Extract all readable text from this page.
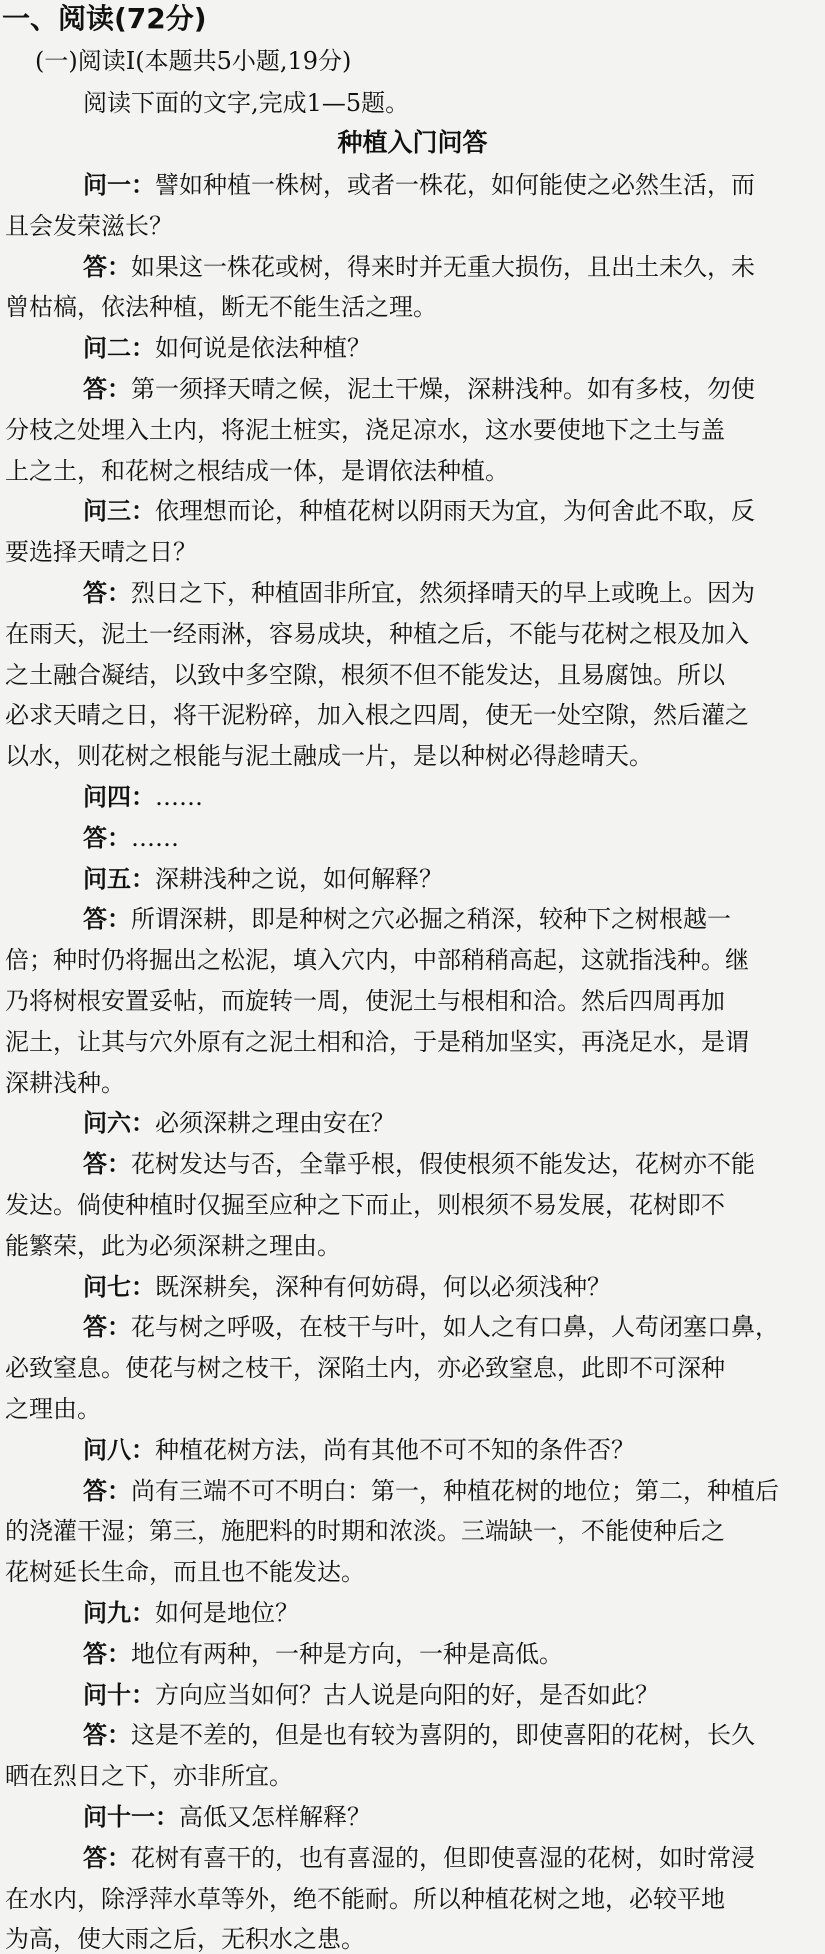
一、阅读(72分)
(一)阅读Ⅰ(本题共5小题,19分)
阅读下面的文字,完成1—5题。
种植入门问答
问一：譬如种植一株树，或者一株花，如何能使之必然生活，而
且会发荣滋长？
答：如果这一株花或树，得来时并无重大损伤，且出土未久，未
曾枯槁，依法种植，断无不能生活之理。
问二：如何说是依法种植？
答：第一须择天晴之候，泥土干燥，深耕浅种。如有多枝，勿使
分枝之处埋入土内，将泥土桩实，浇足凉水，这水要使地下之土与盖
上之土，和花树之根结成一体，是谓依法种植。
问三：依理想而论，种植花树以阴雨天为宜，为何舍此不取，反
要选择天晴之日？
答：烈日之下，种植固非所宜，然须择晴天的早上或晚上。因为
在雨天，泥土一经雨淋，容易成块，种植之后，不能与花树之根及加入
之土融合凝结，以致中多空隙，根须不但不能发达，且易腐蚀。所以
必求天晴之日，将干泥粉碎，加入根之四周，使无一处空隙，然后灌之
以水，则花树之根能与泥土融成一片，是以种树必得趁晴天。
问四：……
答：……
问五：深耕浅种之说，如何解释？
答：所谓深耕，即是种树之穴必掘之稍深，较种下之树根越一
倍；种时仍将掘出之松泥，填入穴内，中部稍稍高起，这就指浅种。继
乃将树根安置妥帖，而旋转一周，使泥土与根相和洽。然后四周再加
泥土，让其与穴外原有之泥土相和洽，于是稍加坚实，再浇足水，是谓
深耕浅种。
问六：必须深耕之理由安在？
答：花树发达与否，全靠乎根，假使根须不能发达，花树亦不能
发达。倘使种植时仅掘至应种之下而止，则根须不易发展，花树即不
能繁荣，此为必须深耕之理由。
问七：既深耕矣，深种有何妨碍，何以必须浅种？
答：花与树之呼吸，在枝干与叶，如人之有口鼻，人苟闭塞口鼻，
必致窒息。使花与树之枝干，深陷土内，亦必致窒息，此即不可深种
之理由。
问八：种植花树方法，尚有其他不可不知的条件否？
答：尚有三端不可不明白：第一，种植花树的地位；第二，种植后
的浇灌干湿；第三，施肥料的时期和浓淡。三端缺一，不能使种后之
花树延长生命，而且也不能发达。
问九：如何是地位？
答：地位有两种，一种是方向，一种是高低。
问十：方向应当如何？古人说是向阳的好，是否如此？
答：这是不差的，但是也有较为喜阴的，即使喜阳的花树，长久
晒在烈日之下，亦非所宜。
问十一：高低又怎样解释？
答：花树有喜干的，也有喜湿的，但即使喜湿的花树，如时常浸
在水内，除浮萍水草等外，绝不能耐。所以种植花树之地，必较平地
为高，使大雨之后，无积水之患。
